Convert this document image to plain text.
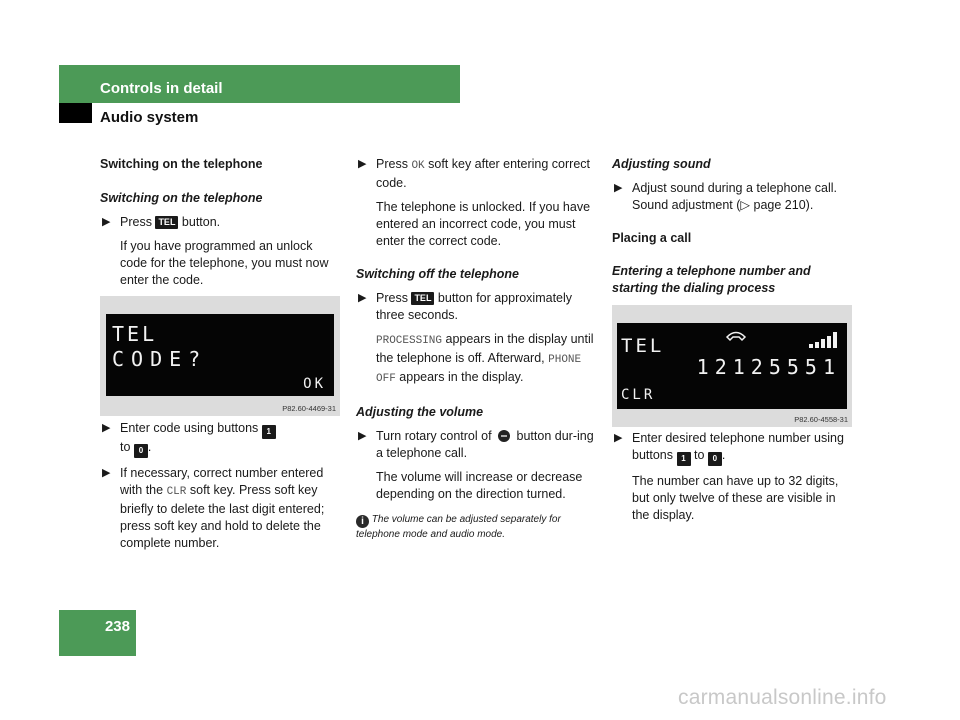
Controls in detail
Audio system

Switching on the telephone

Switching on the telephone

▶ Press TEL button.

If you have programmed an unlock code for the telephone, you must now enter the code.

TEL
CODE?
OK
P82.60-4469-31

▶ Enter code using buttons 1
to 0 .

▶ If necessary, correct number entered with the CLR soft key. Press soft key briefly to delete the last digit entered; press soft key and hold to delete the complete number.

▶ Press OK soft key after entering correct code.

The telephone is unlocked. If you have entered an incorrect code, you must enter the correct code.

Switching off the telephone

▶ Press TEL button for approximately three seconds.

PROCESSING appears in the display until the telephone is off. Afterward, PHONE OFF appears in the display.

Adjusting the volume

▶ Turn rotary control of button dur-ing a telephone call.

The volume will increase or decrease depending on the direction turned.

i The volume can be adjusted separately for telephone mode and audio mode.

Adjusting sound

▶ Adjust sound during a telephone call. Sound adjustment (▷ page 210).

Placing a call

Entering a telephone number and starting the dialing process

TEL
12125551
CLR
P82.60-4558-31

▶ Enter desired telephone number using buttons 1 to 0 .

The number can have up to 32 digits, but only twelve of these are visible in the display.

238
carmanualsonline.info
